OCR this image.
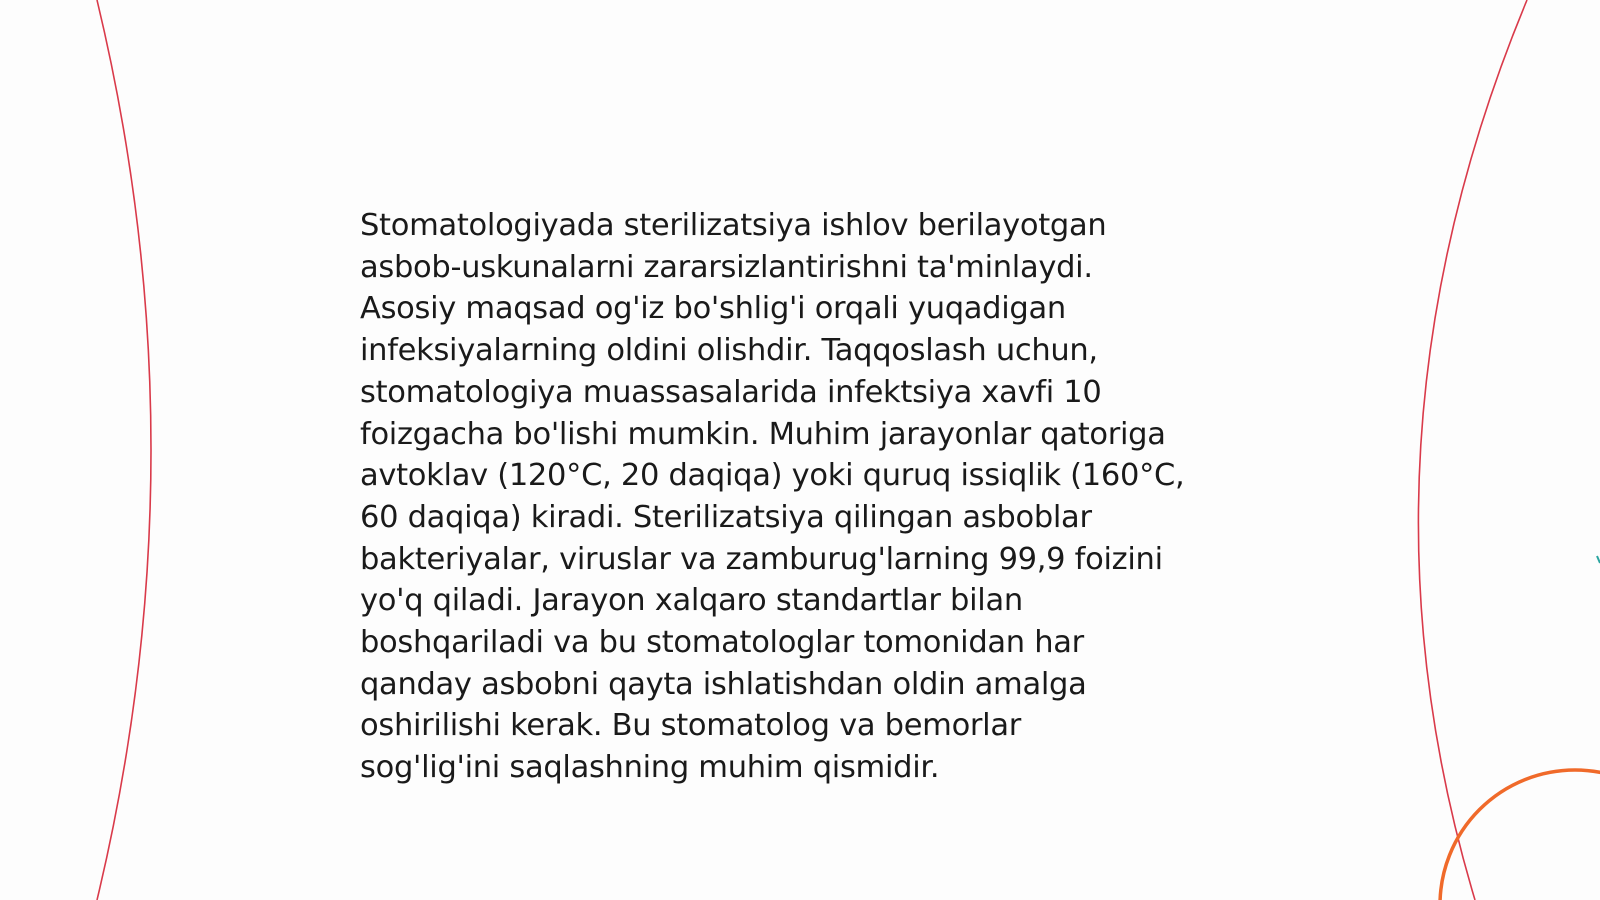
Stomatologiyada sterilizatsiya ishlov berilayotgan
asbob-uskunalarni zararsizlantirishni ta'minlaydi.
Asosiy maqsad og'iz bo'shlig'i orqali yuqadigan
infeksiyalarning oldini olishdir. Taqqoslash uchun,
stomatologiya muassasalarida infektsiya xavfi 10
foizgacha bo'lishi mumkin. Muhim jarayonlar qatoriga
avtoklav (120°C, 20 daqiqa) yoki quruq issiqlik (160°C,
60 daqiqa) kiradi. Sterilizatsiya qilingan asboblar
bakteriyalar, viruslar va zamburug'larning 99,9 foizini
yo'q qiladi. Jarayon xalqaro standartlar bilan
boshqariladi va bu stomatologlar tomonidan har
qanday asbobni qayta ishlatishdan oldin amalga
oshirilishi kerak. Bu stomatolog va bemorlar
sog'lig'ini saqlashning muhim qismidir.
